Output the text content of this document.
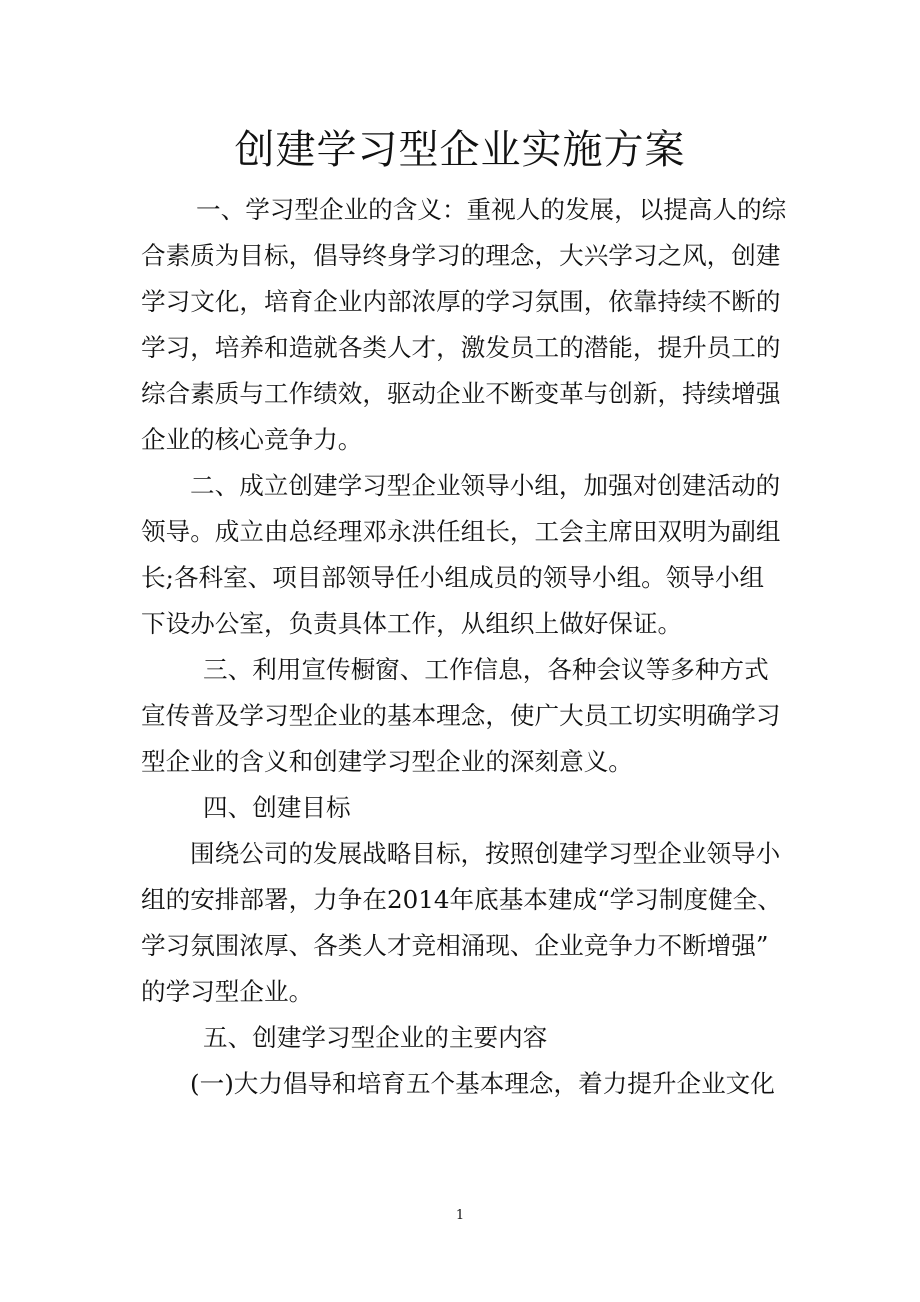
创建学习型企业实施方案
一、学习型企业的含义：重视人的发展，以提高人的综
合素质为目标，倡导终身学习的理念，大兴学习之风，创建
学习文化，培育企业内部浓厚的学习氛围，依靠持续不断的
学习，培养和造就各类人才，激发员工的潜能，提升员工的
综合素质与工作绩效，驱动企业不断变革与创新，持续增强
企业的核心竞争力。
二、成立创建学习型企业领导小组，加强对创建活动的
领导。成立由总经理邓永洪任组长，工会主席田双明为副组
长;各科室、项目部领导任小组成员的领导小组。领导小组
下设办公室，负责具体工作，从组织上做好保证。
三、利用宣传橱窗、工作信息，各种会议等多种方式
宣传普及学习型企业的基本理念，使广大员工切实明确学习
型企业的含义和创建学习型企业的深刻意义。
四、创建目标
围绕公司的发展战略目标，按照创建学习型企业领导小
组的安排部署，力争在2014年底基本建成“学习制度健全、
学习氛围浓厚、各类人才竞相涌现、企业竞争力不断增强”
的学习型企业。
五、创建学习型企业的主要内容
(一)大力倡导和培育五个基本理念，着力提升企业文化
1
